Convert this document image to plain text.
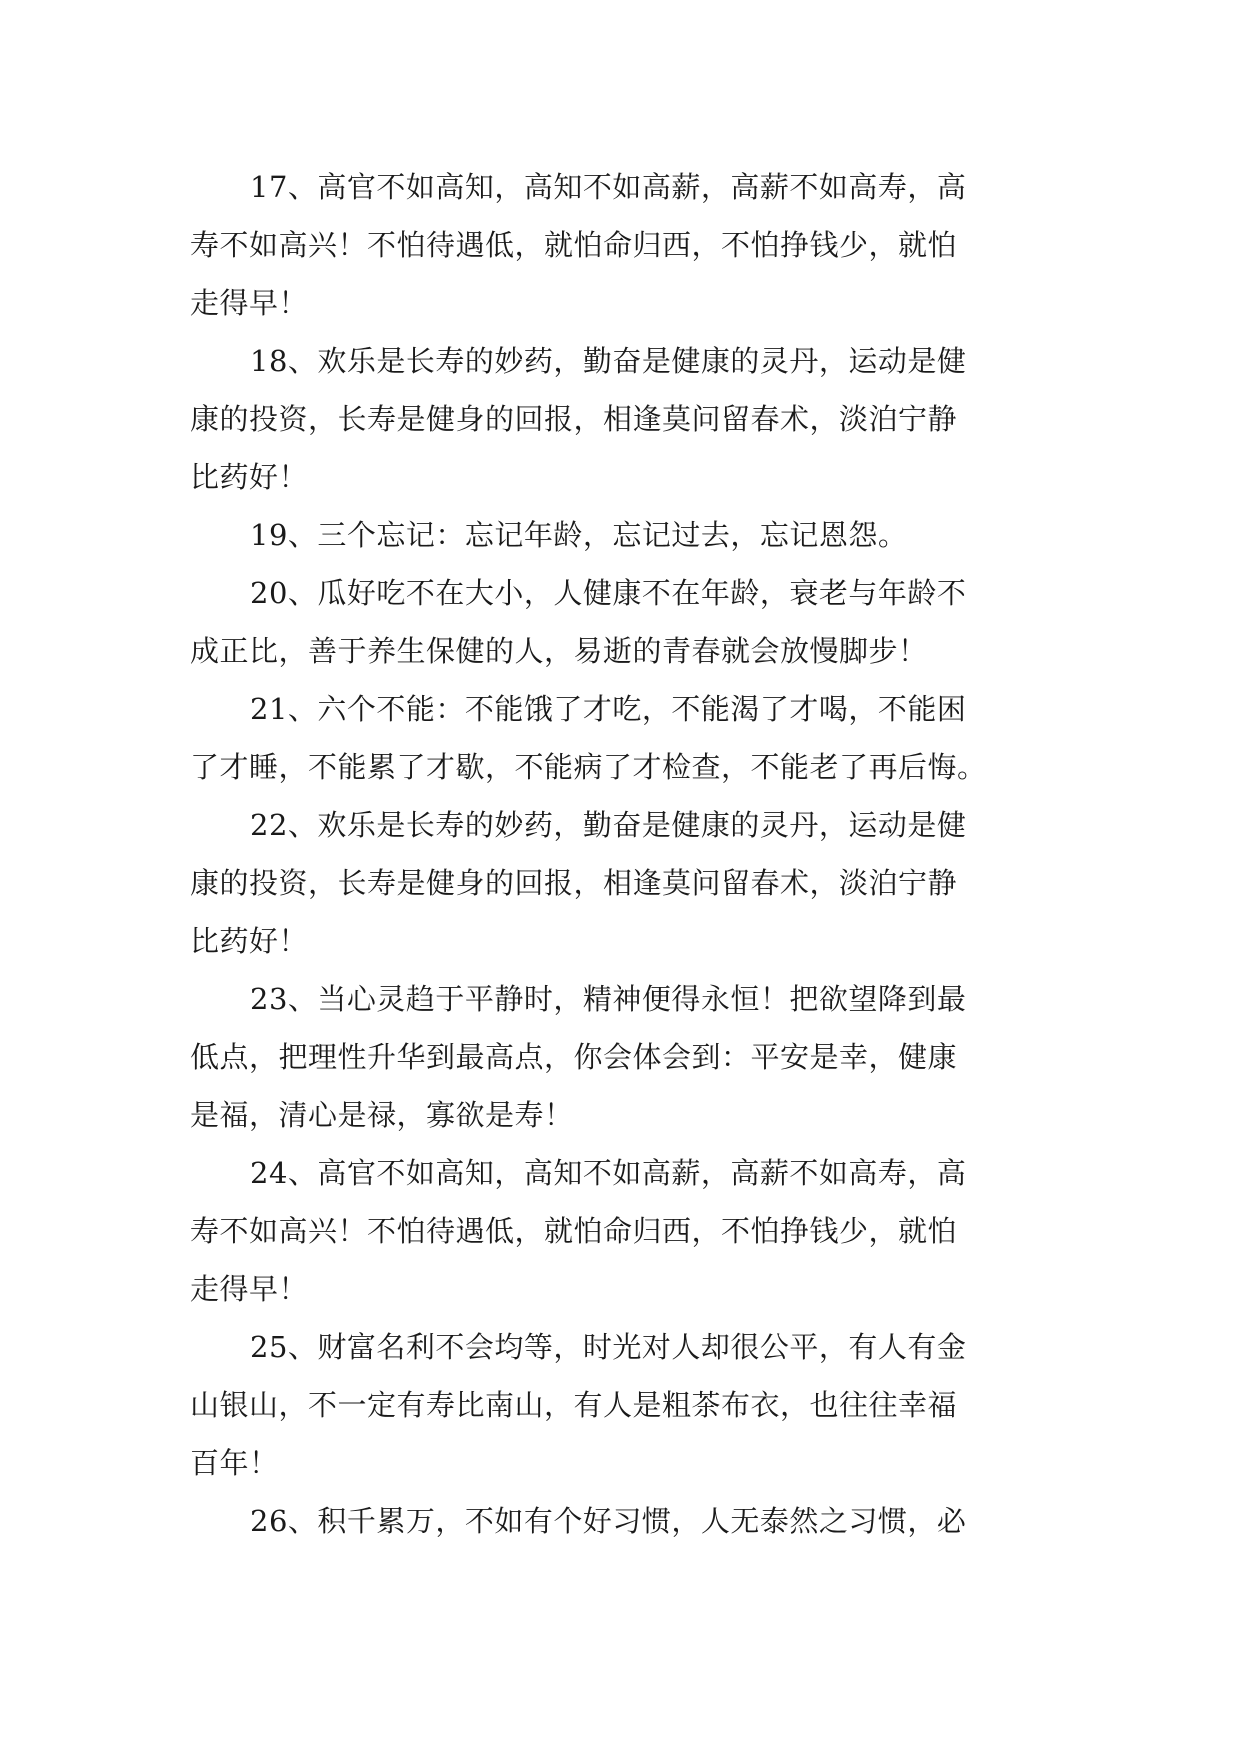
17、高官不如高知，高知不如高薪，高薪不如高寿，高
寿不如高兴！不怕待遇低，就怕命归西，不怕挣钱少，就怕
走得早！

18、欢乐是长寿的妙药，勤奋是健康的灵丹，运动是健
康的投资，长寿是健身的回报，相逢莫问留春术，淡泊宁静
比药好！

19、三个忘记：忘记年龄，忘记过去，忘记恩怨。

20、瓜好吃不在大小，人健康不在年龄，衰老与年龄不
成正比，善于养生保健的人，易逝的青春就会放慢脚步！

21、六个不能：不能饿了才吃，不能渴了才喝，不能困
了才睡，不能累了才歇，不能病了才检查，不能老了再后悔。

22、欢乐是长寿的妙药，勤奋是健康的灵丹，运动是健
康的投资，长寿是健身的回报，相逢莫问留春术，淡泊宁静
比药好！

23、当心灵趋于平静时，精神便得永恒！把欲望降到最
低点，把理性升华到最高点，你会体会到：平安是幸，健康
是福，清心是禄，寡欲是寿！

24、高官不如高知，高知不如高薪，高薪不如高寿，高
寿不如高兴！不怕待遇低，就怕命归西，不怕挣钱少，就怕
走得早！

25、财富名利不会均等，时光对人却很公平，有人有金
山银山，不一定有寿比南山，有人是粗茶布衣，也往往幸福
百年！

26、积千累万，不如有个好习惯，人无泰然之习惯，必
